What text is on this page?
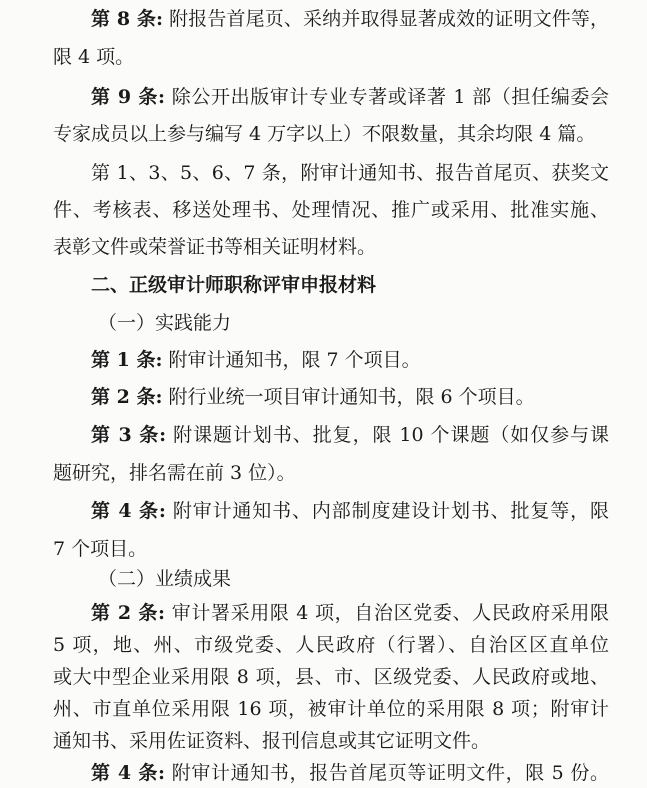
第 8 条: 附报告首尾页、采纳并取得显著成效的证明文件等，
限 4 项。
第 9 条: 除公开出版审计专业专著或译著 1 部（担任编委会
专家成员以上参与编写 4 万字以上）不限数量，其余均限 4 篇。
第 1、3、5、6、7 条，附审计通知书、报告首尾页、获奖文
件、考核表、移送处理书、处理情况、推广或采用、批准实施、
表彰文件或荣誉证书等相关证明材料。
二、正级审计师职称评审申报材料
（一）实践能力
第 1 条: 附审计通知书，限 7 个项目。
第 2 条: 附行业统一项目审计通知书，限 6 个项目。
第 3 条: 附课题计划书、批复，限 10 个课题（如仅参与课
题研究，排名需在前 3 位）。
第 4 条: 附审计通知书、内部制度建设计划书、批复等，限
7 个项目。
（二）业绩成果
第 2 条: 审计署采用限 4 项，自治区党委、人民政府采用限
5 项，地、州、市级党委、人民政府（行署）、自治区区直单位
或大中型企业采用限 8 项，县、市、区级党委、人民政府或地、
州、市直单位采用限 16 项，被审计单位的采用限 8 项；附审计
通知书、采用佐证资料、报刊信息或其它证明文件。
第 4 条: 附审计通知书，报告首尾页等证明文件，限 5 份。
